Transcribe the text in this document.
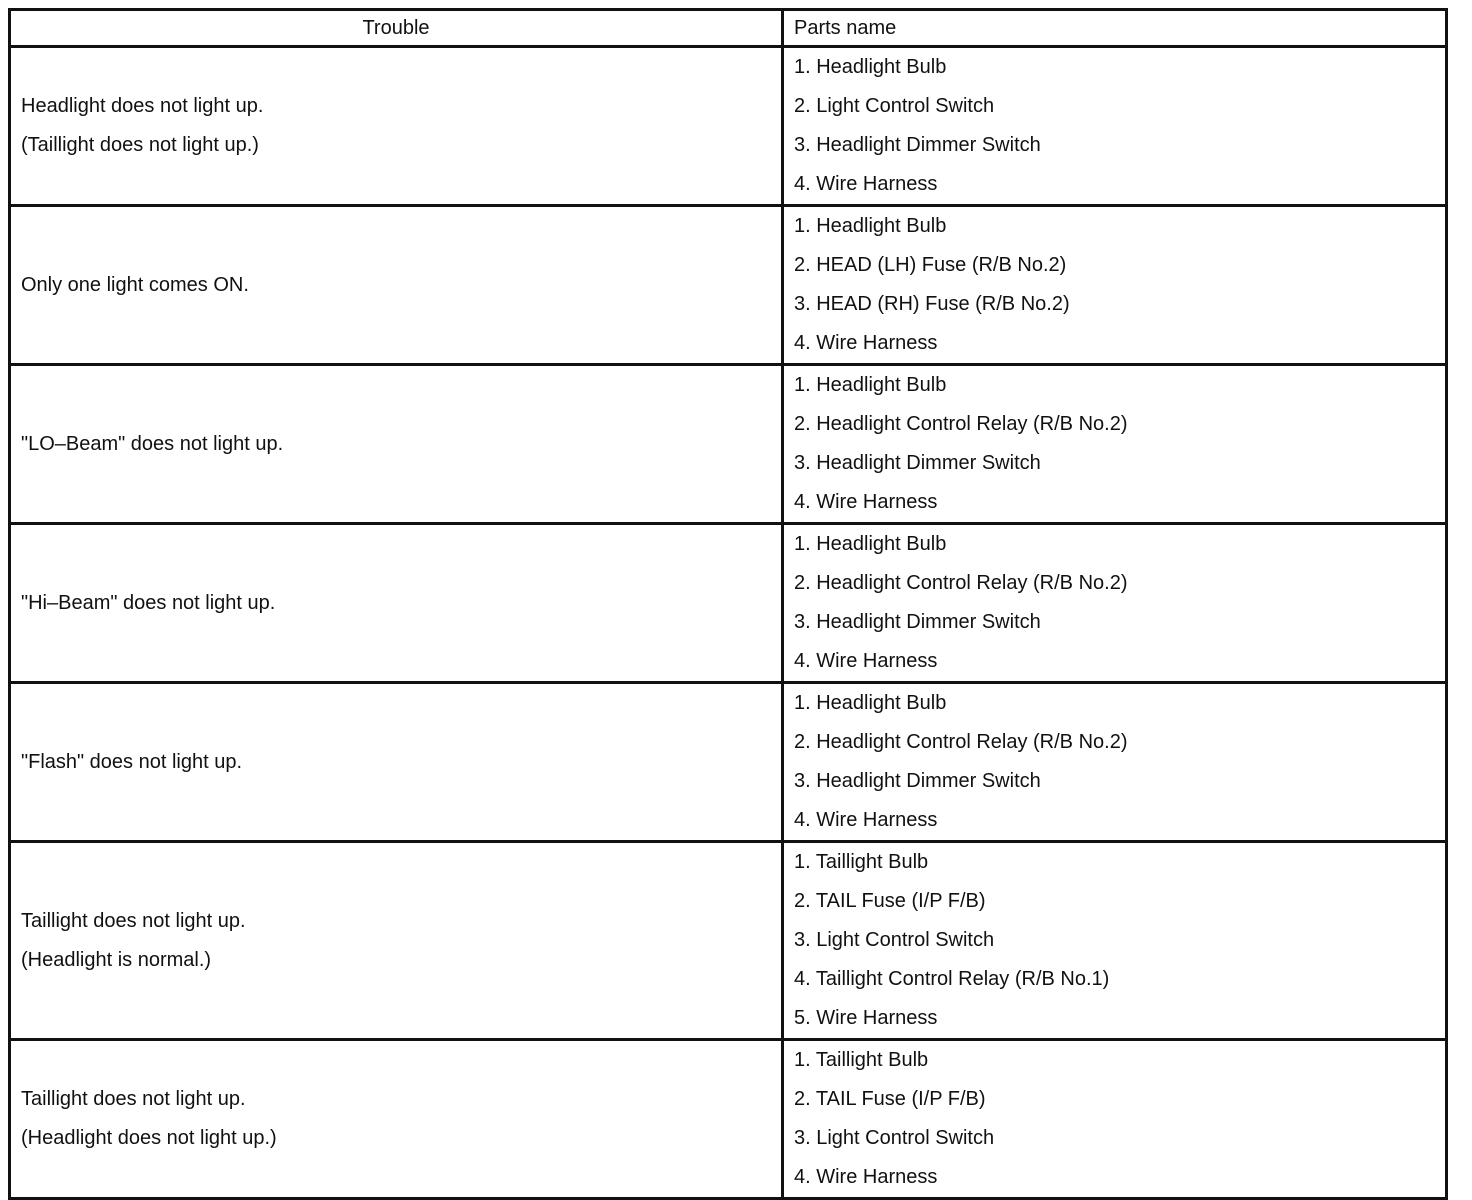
Trouble	Parts name

Headlight does not light up.
(Taillight does not light up.)	1. Headlight Bulb
2. Light Control Switch
3. Headlight Dimmer Switch
4. Wire Harness

Only one light comes ON.	1. Headlight Bulb
2. HEAD (LH) Fuse (R/B No.2)
3. HEAD (RH) Fuse (R/B No.2)
4. Wire Harness

"LO–Beam" does not light up.	1. Headlight Bulb
2. Headlight Control Relay (R/B No.2)
3. Headlight Dimmer Switch
4. Wire Harness

"Hi–Beam" does not light up.	1. Headlight Bulb
2. Headlight Control Relay (R/B No.2)
3. Headlight Dimmer Switch
4. Wire Harness

"Flash" does not light up.	1. Headlight Bulb
2. Headlight Control Relay (R/B No.2)
3. Headlight Dimmer Switch
4. Wire Harness

Taillight does not light up.
(Headlight is normal.)	1. Taillight Bulb
2. TAIL Fuse (I/P F/B)
3. Light Control Switch
4. Taillight Control Relay (R/B No.1)
5. Wire Harness

Taillight does not light up.
(Headlight does not light up.)	1. Taillight Bulb
2. TAIL Fuse (I/P F/B)
3. Light Control Switch
4. Wire Harness
